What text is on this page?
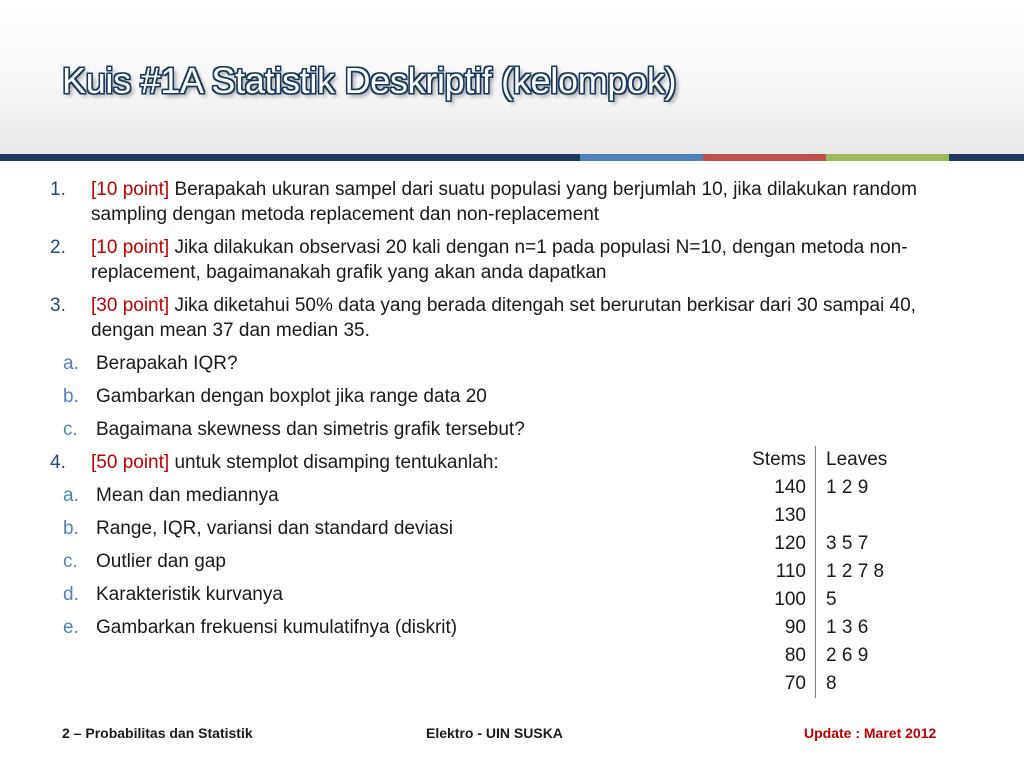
Kuis #1A Statistik Deskriptif (kelompok)
1. [10 point] Berapakah ukuran sampel dari suatu populasi yang berjumlah 10, jika dilakukan random sampling dengan metoda replacement dan non-replacement
2. [10 point] Jika dilakukan observasi 20 kali dengan n=1 pada populasi N=10, dengan metoda non-replacement, bagaimanakah grafik yang akan anda dapatkan
3. [30 point] Jika diketahui 50% data yang berada ditengah set berurutan berkisar dari 30 sampai 40, dengan mean 37 dan median 35.
a. Berapakah IQR?
b. Gambarkan dengan boxplot jika range data 20
c. Bagaimana skewness dan simetris grafik tersebut?
4. [50 point] untuk stemplot disamping tentukanlah:
a. Mean dan mediannya
b. Range, IQR, variansi dan standard deviasi
c. Outlier dan gap
d. Karakteristik kurvanya
e. Gambarkan frekuensi kumulatifnya (diskrit)
Stems	Leaves
140	1 2 9
130	
120	3 5 7
110	1 2 7 8
100	5
90	1 3 6
80	2 6 9
70	8
2 – Probabilitas dan Statistik	Elektro - UIN SUSKA	Update : Maret 2012
